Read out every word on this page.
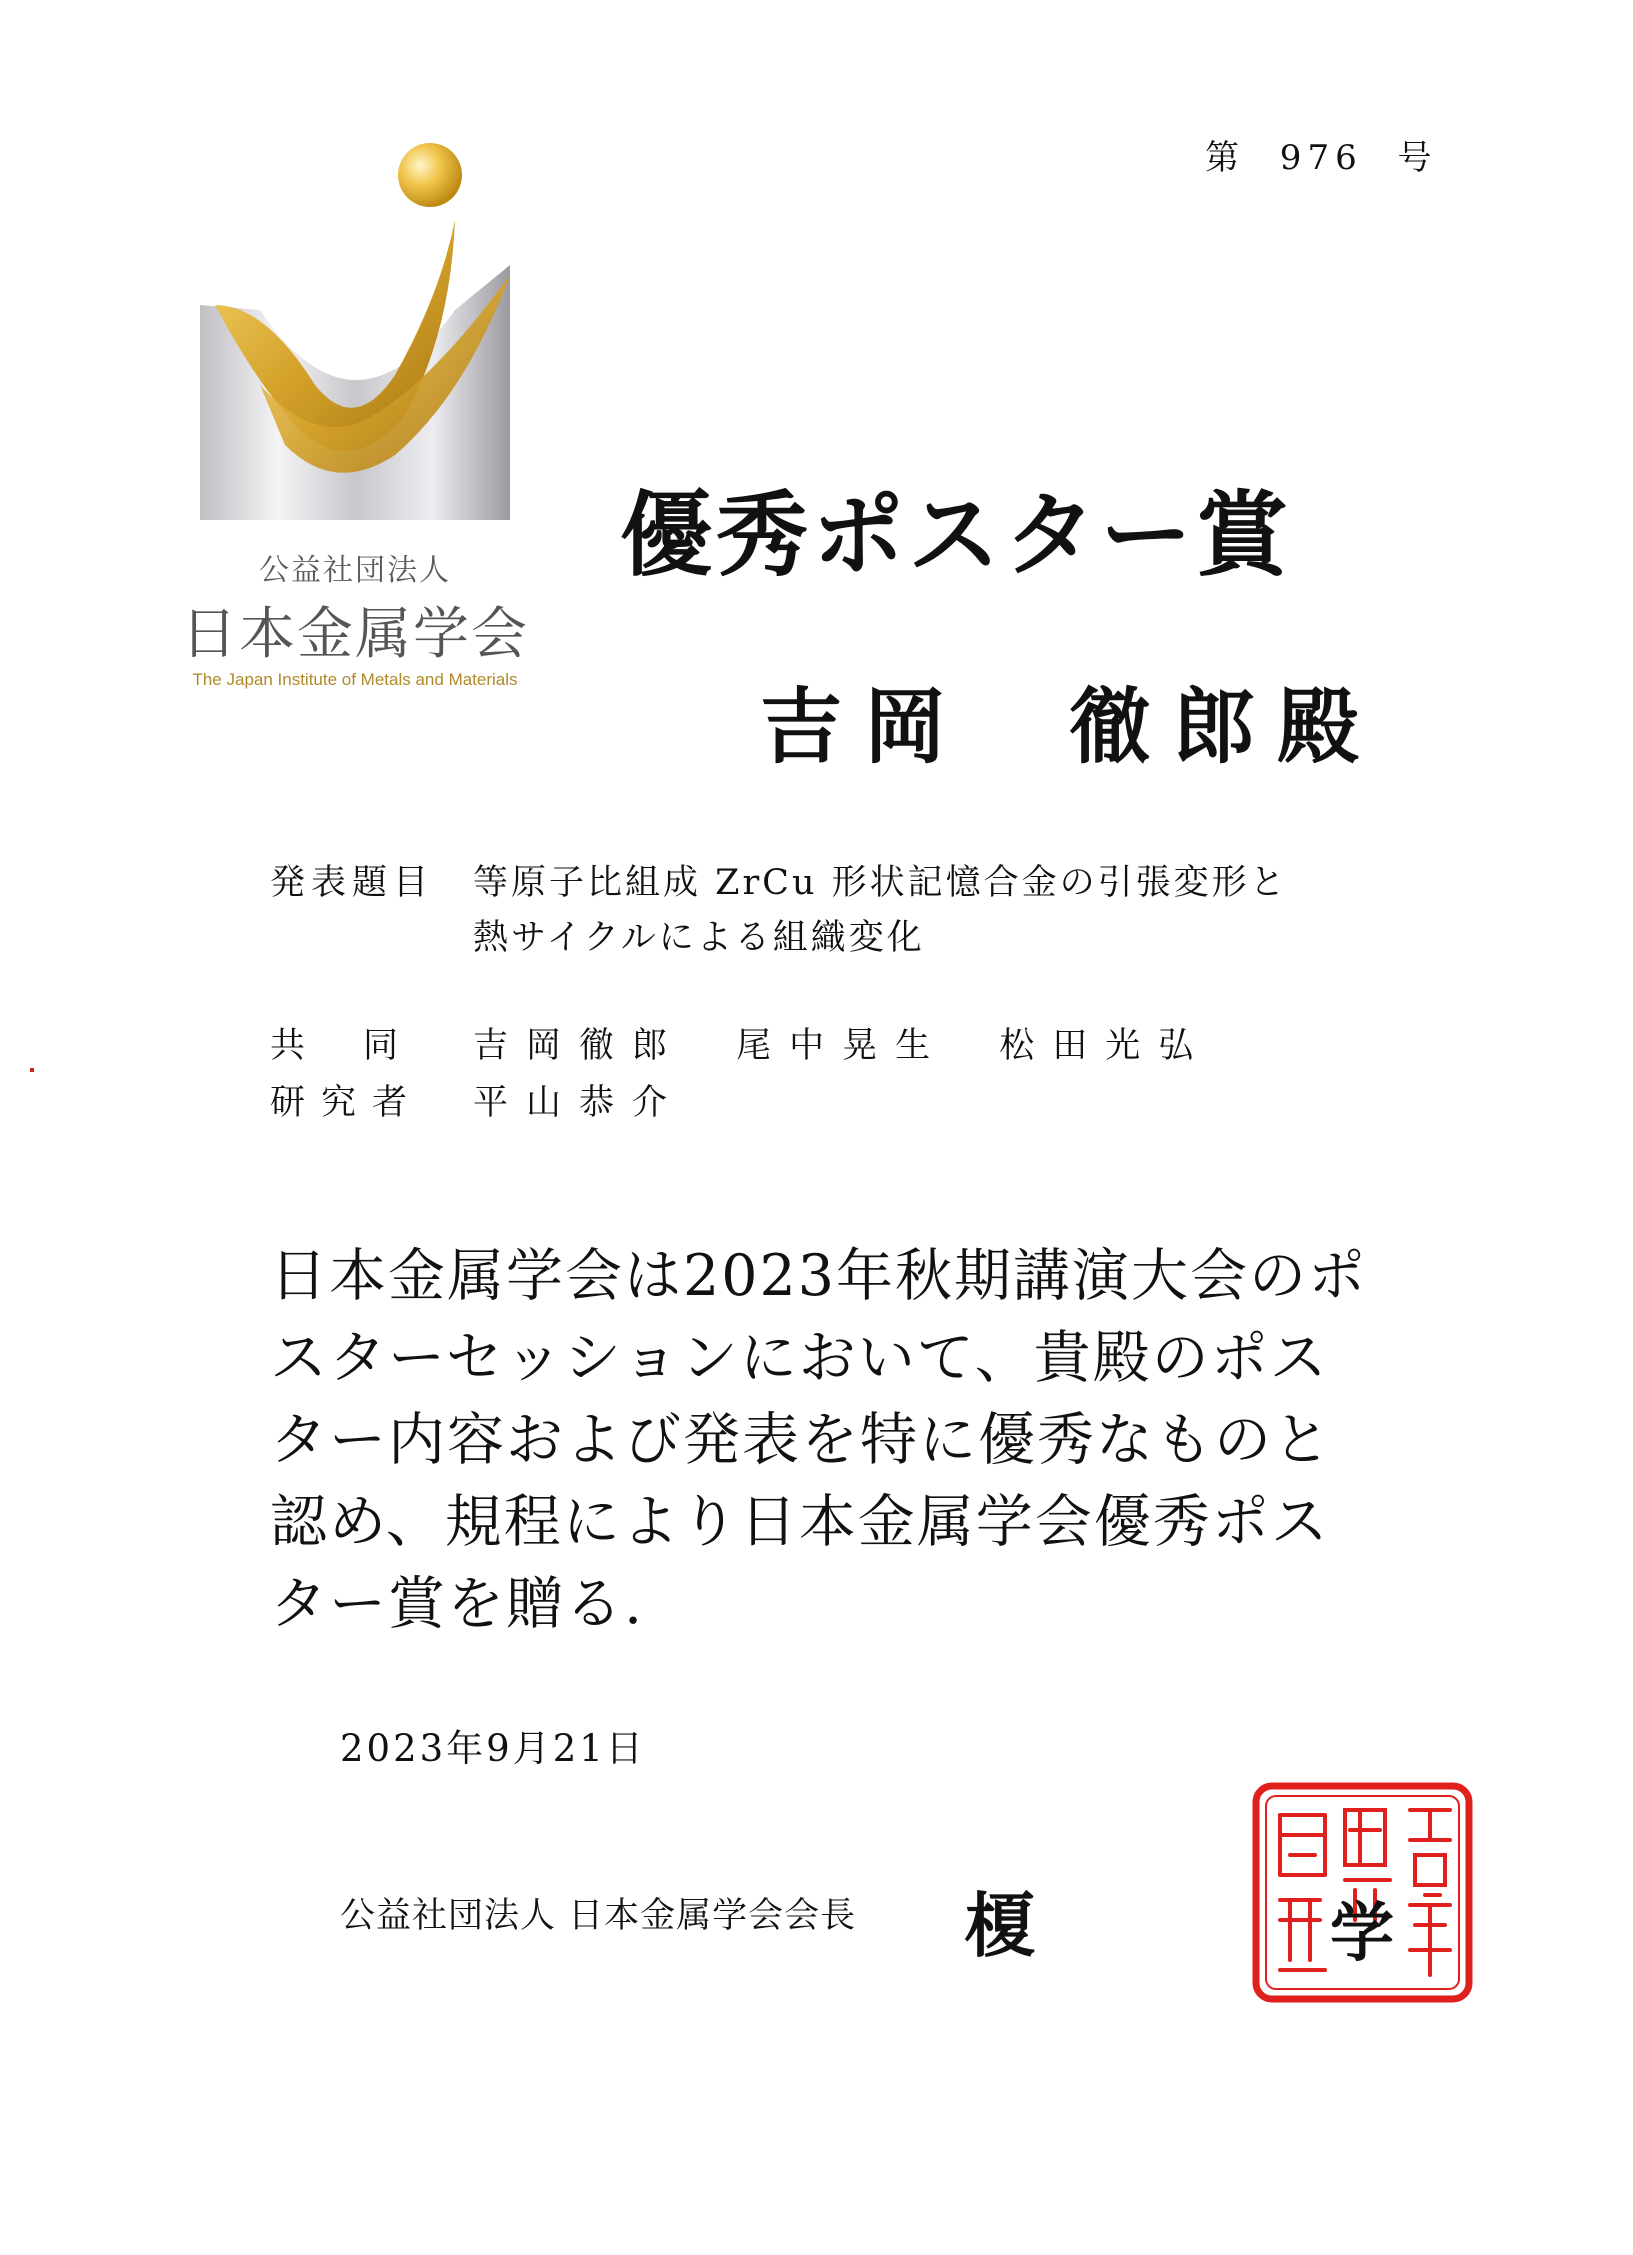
第 976 号
公益社団法人
日本金属学会
The Japan Institute of Metals and Materials
優秀ポスター賞
吉岡  徹郎殿
発表題目 等原子比組成 ZrCu 形状記憶合金の引張変形と
熱サイクルによる組織変化
共同
研究者
吉岡徹郎 尾中晃生 松田光弘
平山恭介
日本金属学会は2023年秋期講演大会のポ
スターセッションにおいて、貴殿のポス
ター内容および発表を特に優秀なものと
認め、規程により日本金属学会優秀ポス
ター賞を贈る.
2023年9月21日
公益社団法人 日本金属学会会長 榎	学
